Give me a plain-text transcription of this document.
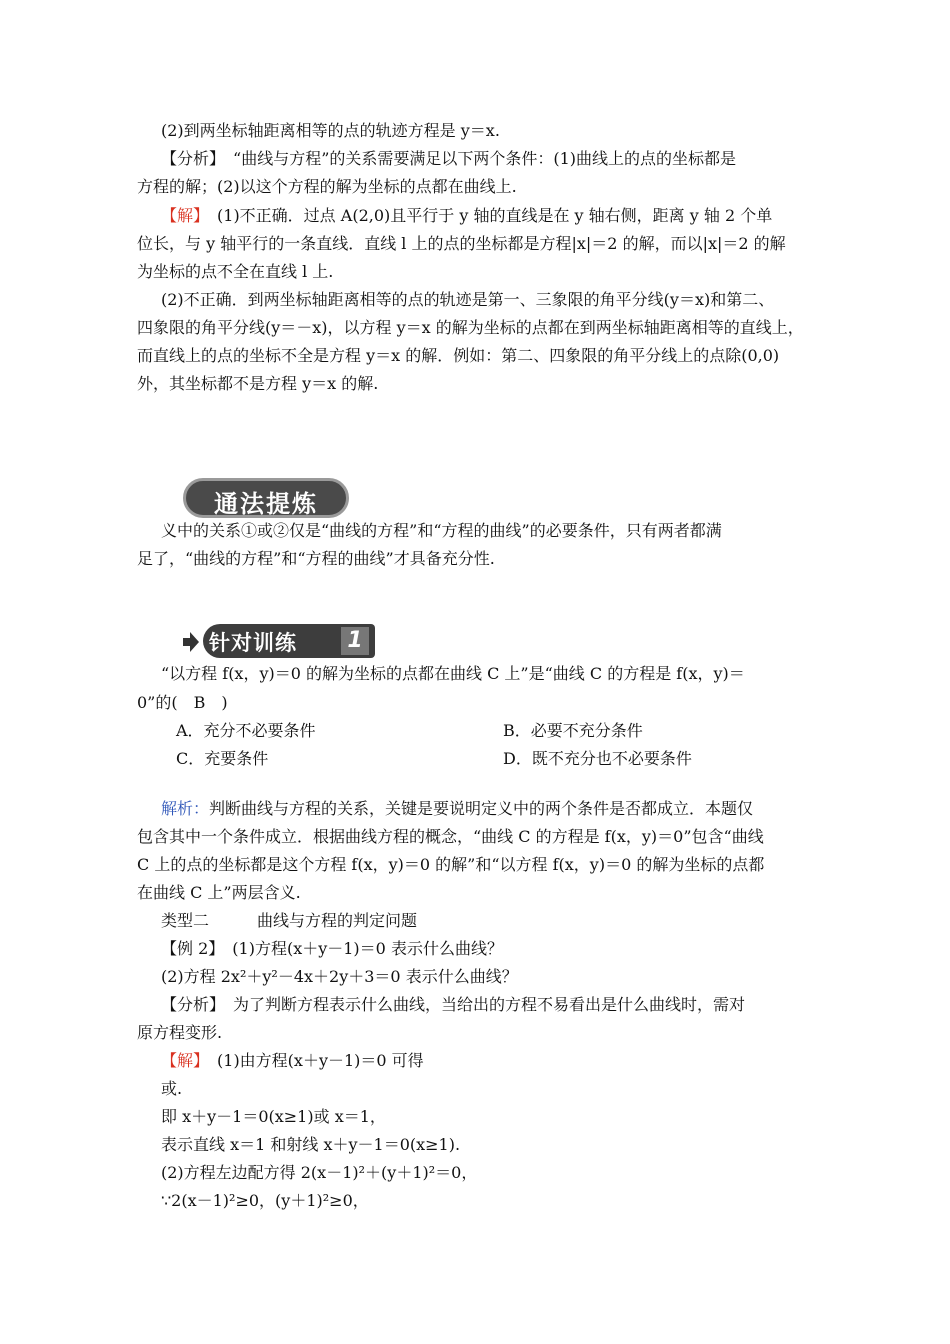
(2)到两坐标轴距离相等的点的轨迹方程是 y＝x.
【分析】　“曲线与方程”的关系需要满足以下两个条件：(1)曲线上的点的坐标都是
方程的解；(2)以这个方程的解为坐标的点都在曲线上.
【解】　(1)不正确．过点 A(2,0)且平行于 y 轴的直线是在 y 轴右侧，距离 y 轴 2 个单
位长，与 y 轴平行的一条直线．直线 l 上的点的坐标都是方程|x|＝2 的解，而以|x|＝2 的解
为坐标的点不全在直线 l 上.
(2)不正确．到两坐标轴距离相等的点的轨迹是第一、三象限的角平分线(y＝x)和第二、
四象限的角平分线(y＝－x)，以方程 y＝x 的解为坐标的点都在到两坐标轴距离相等的直线上，
而直线上的点的坐标不全是方程 y＝x 的解．例如：第二、四象限的角平分线上的点除(0,0)
外，其坐标都不是方程 y＝x 的解.
通法提炼
义中的关系①或②仅是“曲线的方程”和“方程的曲线”的必要条件，只有两者都满
足了，“曲线的方程”和“方程的曲线”才具备充分性.
针对训练 1
“以方程 f(x，y)＝0 的解为坐标的点都在曲线 C 上”是“曲线 C 的方程是 f(x，y)＝
0”的(　B　)
A．充分不必要条件	B．必要不充分条件
C．充要条件	D．既不充分也不必要条件
解析：判断曲线与方程的关系，关键是要说明定义中的两个条件是否都成立．本题仅
包含其中一个条件成立．根据曲线方程的概念，“曲线 C 的方程是 f(x，y)＝0”包含“曲线
C 上的点的坐标都是这个方程 f(x，y)＝0 的解”和“以方程 f(x，y)＝0 的解为坐标的点都
在曲线 C 上”两层含义.
类型二　　　曲线与方程的判定问题
【例 2】　(1)方程(x＋y－1)＝0 表示什么曲线？
(2)方程 2x²＋y²－4x＋2y＋3＝0 表示什么曲线？
【分析】　为了判断方程表示什么曲线，当给出的方程不易看出是什么曲线时，需对
原方程变形.
【解】　(1)由方程(x＋y－1)＝0 可得
或.
即 x＋y－1＝0(x≥1)或 x＝1，
表示直线 x＝1 和射线 x＋y－1＝0(x≥1).
(2)方程左边配方得 2(x－1)²＋(y＋1)²＝0，
∵2(x－1)²≥0，(y＋1)²≥0，
